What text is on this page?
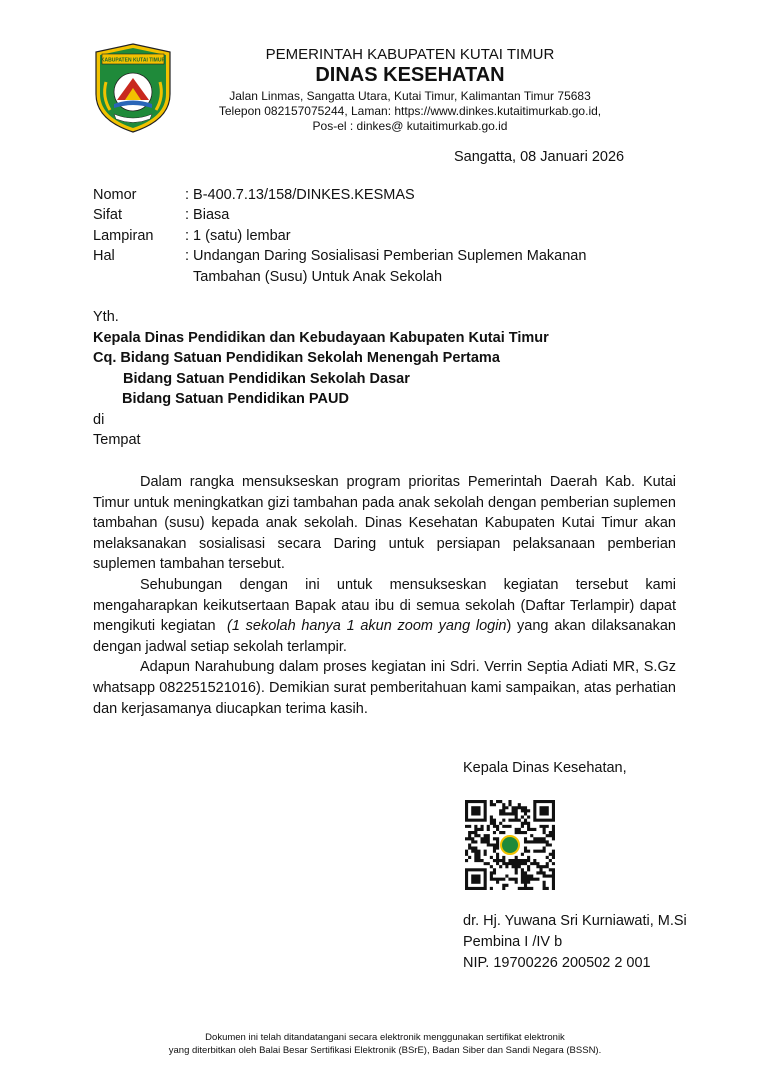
KABUPATEN KUTAI TIMUR	PEMERINTAH KABUPATEN KUTAI TIMUR
DINAS KESEHATAN
Jalan Linmas, Sangatta Utara, Kutai Timur, Kalimantan Timur 75683
Telepon 082157075244, Laman: https://www.dinkes.kutaitimurkab.go.id,
Pos-el : dinkes@ kutaitimurkab.go.id
Sangatta, 08 Januari 2026
Nomor	: B-400.7.13/158/DINKES.KESMAS
Sifat	: Biasa
Lampiran : 1 (satu) lembar
Hal	: Undangan Daring Sosialisasi Pemberian Suplemen Makanan
Tambahan (Susu) Untuk Anak Sekolah
Yth.
Kepala Dinas Pendidikan dan Kebudayaan Kabupaten Kutai Timur
Cq. Bidang Satuan Pendidikan Sekolah Menengah Pertama
Bidang Satuan Pendidikan Sekolah Dasar
Bidang Satuan Pendidikan PAUD
di
Tempat

Dalam rangka mensukseskan program prioritas Pemerintah Daerah Kab. Kutai Timur untuk meningkatkan gizi tambahan pada anak sekolah dengan pemberian suplemen tambahan (susu) kepada anak sekolah. Dinas Kesehatan Kabupaten Kutai Timur akan melaksanakan sosialisasi secara Daring untuk persiapan pelaksanaan pemberian suplemen tambahan tersebut.

Sehubungan dengan ini untuk mensukseskan kegiatan tersebut kami mengaharapkan keikutsertaan Bapak atau ibu di semua sekolah (Daftar Terlampir) dapat mengikuti kegiatan (1 sekolah hanya 1 akun zoom yang login) yang akan dilaksanakan dengan jadwal setiap sekolah terlampir.

Adapun Narahubung dalam proses kegiatan ini Sdri. Verrin Septia Adiati MR, S.Gz whatsapp 082251521016). Demikian surat pemberitahuan kami sampaikan, atas perhatian dan kerjasamanya diucapkan terima kasih.

Kepala Dinas Kesehatan,
dr. Hj. Yuwana Sri Kurniawati, M.Si
Pembina I /IV b
NIP. 19700226 200502 2 001
Dokumen ini telah ditandatangani secara elektronik menggunakan sertifikat elektronik
yang diterbitkan oleh Balai Besar Sertifikasi Elektronik (BSrE), Badan Siber dan Sandi Negara (BSSN).
